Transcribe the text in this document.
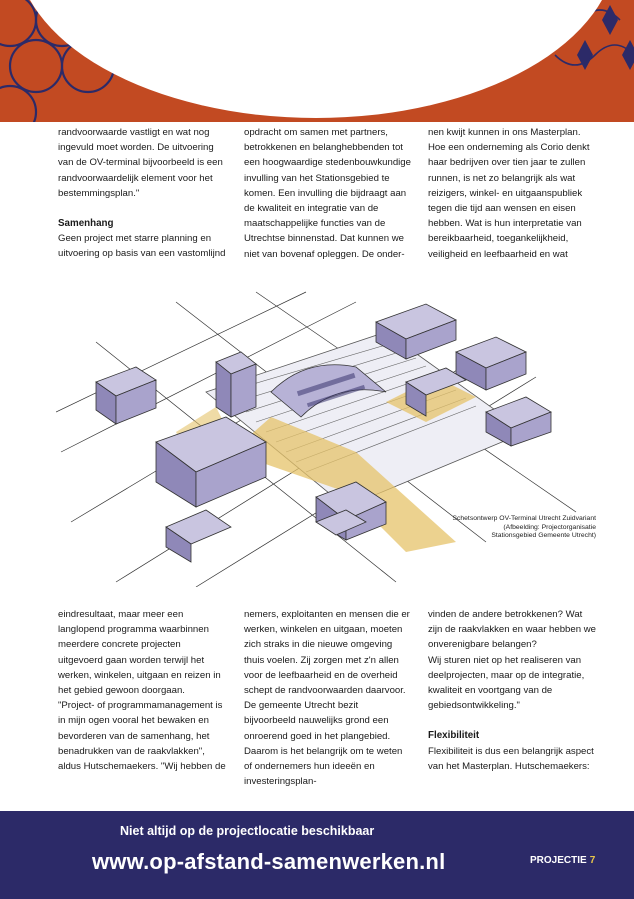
randvoorwaarde vastligt en wat nog ingevuld moet worden. De uitvoering van de OV-terminal bijvoorbeeld is een randvoorwaardelijk element voor het bestemmingsplan."

Samenhang

Geen project met starre planning en uitvoering op basis van een vastomlijnd

opdracht om samen met partners, betrokkenen en belanghebbenden tot een hoogwaardige stedenbouwkundige invulling van het Stationsgebied te komen. Een invulling die bijdraagt aan de kwaliteit en integratie van de maatschappelijke functies van de Utrechtse binnenstad. Dat kunnen we niet van bovenaf opleggen. De onder-

nen kwijt kunnen in ons Masterplan. Hoe een onderneming als Corio denkt haar bedrijven over tien jaar te zullen runnen, is net zo belangrijk als wat reizigers, winkel- en uitgaanspubliek tegen die tijd aan wensen en eisen hebben. Wat is hun interpretatie van bereikbaarheid, toegankelijkheid, veiligheid en leefbaarheid en wat

Schetsontwerp OV-Terminal Utrecht Zuidvariant

(Afbeelding: Projectorganisatie

Stationsgebied Gemeente Utrecht)

eindresultaat, maar meer een langlopend programma waarbinnen meerdere concrete projecten uitgevoerd gaan worden terwijl het werken, winkelen, uitgaan en reizen in het gebied gewoon doorgaan.

"Project- of programmamanagement is in mijn ogen vooral het bewaken en bevorderen van de samenhang, het benadrukken van de raakvlakken", aldus Hutschemaekers. "Wij hebben de

nemers, exploitanten en mensen die er werken, winkelen en uitgaan, moeten zich straks in die nieuwe omgeving thuis voelen. Zij zorgen met z'n allen voor de leefbaarheid en de overheid schept de randvoorwaarden daarvoor. De gemeente Utrecht bezit bijvoorbeeld nauwelijks grond een onroerend goed in het plangebied. Daarom is het belangrijk om te weten of ondernemers hun ideeën en investeringsplan-

vinden de andere betrokkenen? Wat zijn de raakvlakken en waar hebben we onverenigbare belangen?

Wij sturen niet op het realiseren van deelprojecten, maar op de integratie, kwaliteit en voortgang van de gebiedsontwikkeling."

Flexibiliteit

Flexibiliteit is dus een belangrijk aspect van het Masterplan. Hutschemaekers:

Niet altijd op de projectlocatie beschikbaar
www.op-afstand-samenwerken.nl	PROJECTIE 7
